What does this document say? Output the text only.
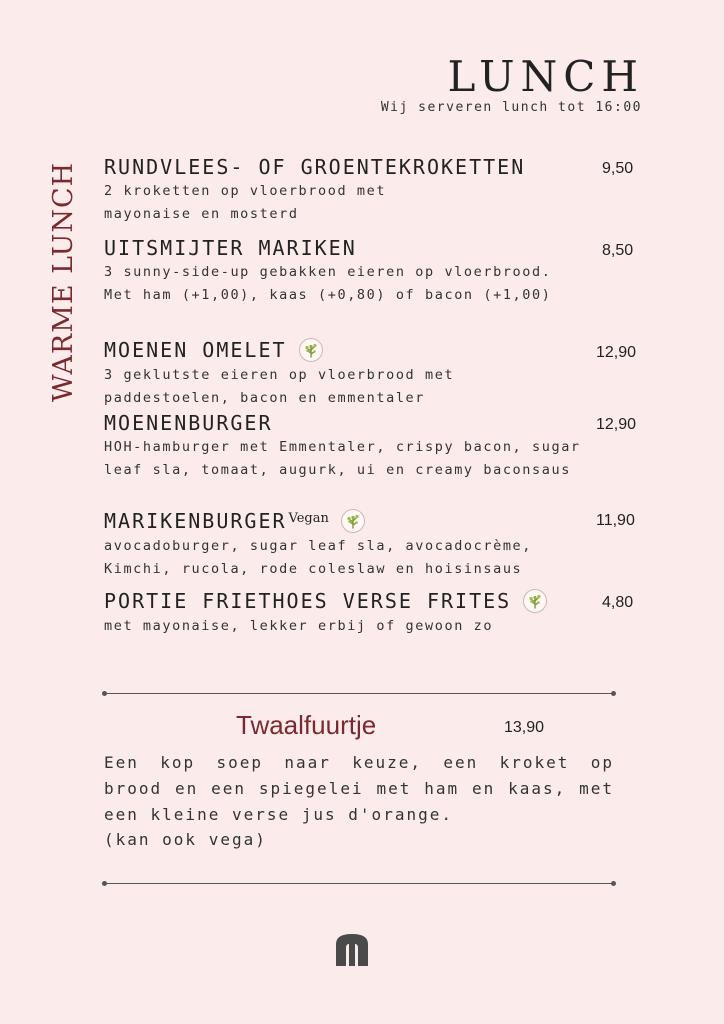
LUNCH
Wij serveren lunch tot 16:00
WARME LUNCH RUNDVLEES- OF GROENTEKROKETTEN
2 kroketten op vloerbrood met mayonaise en mosterd
9,50
UITSMIJTER MARIKEN
3 sunny-side-up gebakken eieren op vloerbrood. Met ham (+1,00), kaas (+0,80) of bacon (+1,00)
8,50
MOENEN OMELET
3 geklutste eieren op vloerbrood met paddestoelen, bacon en emmentaler
12,90
MOENENBURGER
HOH-hamburger met Emmentaler, crispy bacon, sugar leaf sla, tomaat, augurk, ui en creamy baconsaus
12,90
MARIKENBURGER $^{Vegan}$
avocadoburger, sugar leaf sla, avocadocrème, Kimchi, rucola, rode coleslaw en hoisinsaus
11,90
PORTIE FRIETHOES VERSE FRITES
met mayonaise, lekker erbij of gewoon zo
4,80
Twaalfuurtje	13,90
Een kop soep naar keuze, een kroket op brood en een spiegelei met ham en kaas, met een kleine verse jus d'orange.
(kan ook vega)
